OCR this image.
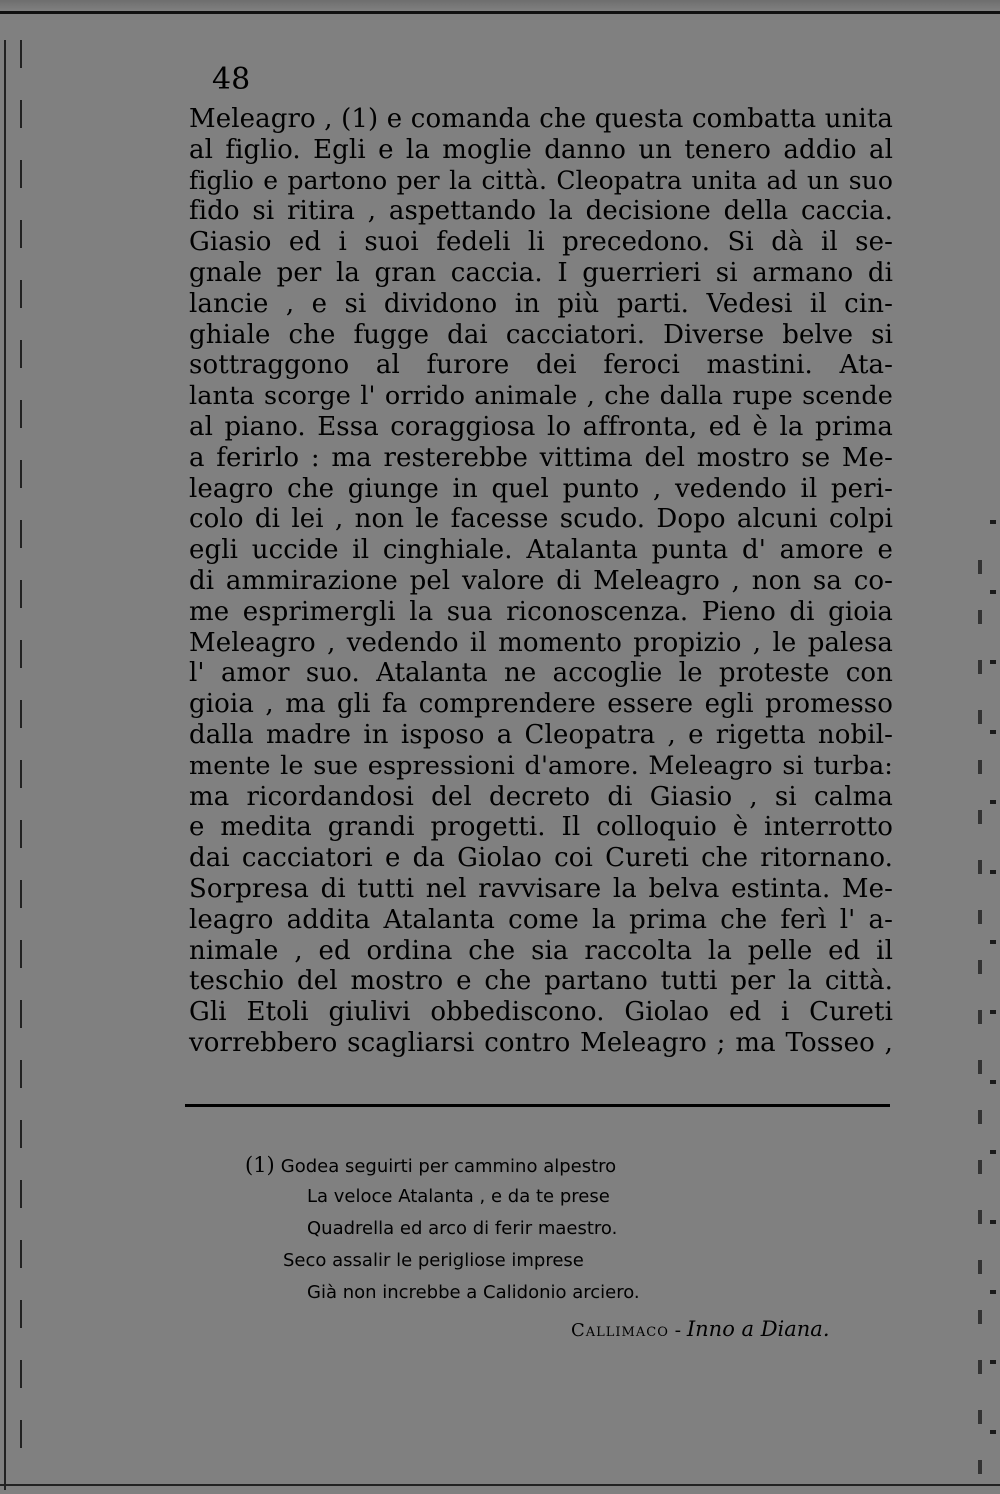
48

Meleagro , (1) e comanda che questa combatta unita
al figlio. Egli e la moglie danno un tenero addio al
figlio e partono per la città. Cleopatra unita ad un suo
fido si ritira , aspettando la decisione della caccia.
Giasio ed i suoi fedeli li precedono. Si dà il se-
gnale per la gran caccia. I guerrieri si armano di
lancie , e si dividono in più parti. Vedesi il cin-
ghiale che fugge dai cacciatori. Diverse belve si
sottraggono al furore dei feroci mastini. Ata-
lanta scorge l' orrido animale , che dalla rupe scende
al piano. Essa coraggiosa lo affronta, ed è la prima
a ferirlo : ma resterebbe vittima del mostro se Me-
leagro che giunge in quel punto , vedendo il peri-
colo di lei , non le facesse scudo. Dopo alcuni colpi
egli uccide il cinghiale. Atalanta punta d' amore e
di ammirazione pel valore di Meleagro , non sa co-
me esprimergli la sua riconoscenza. Pieno di gioia
Meleagro , vedendo il momento propizio , le palesa
l' amor suo. Atalanta ne accoglie le proteste con
gioia , ma gli fa comprendere essere egli promesso
dalla madre in isposo a Cleopatra , e rigetta nobil-
mente le sue espressioni d'amore. Meleagro si turba:
ma ricordandosi del decreto di Giasio , si calma
e medita grandi progetti. Il colloquio è interrotto
dai cacciatori e da Giolao coi Cureti che ritornano.
Sorpresa di tutti nel ravvisare la belva estinta. Me-
leagro addita Atalanta come la prima che ferì l' a-
nimale , ed ordina che sia raccolta la pelle ed il
teschio del mostro e che partano tutti per la città.
Gli Etoli giulivi obbediscono. Giolao ed i Cureti
vorrebbero scagliarsi contro Meleagro ; ma Tosseo ,
(1) Godea seguirti per cammino alpestro
La veloce Atalanta , e da te prese
Quadrella ed arco di ferir maestro.
Seco assalir le perigliose imprese
Già non increbbe a Calidonio arciero.
Callimaco - Inno a Diana.
